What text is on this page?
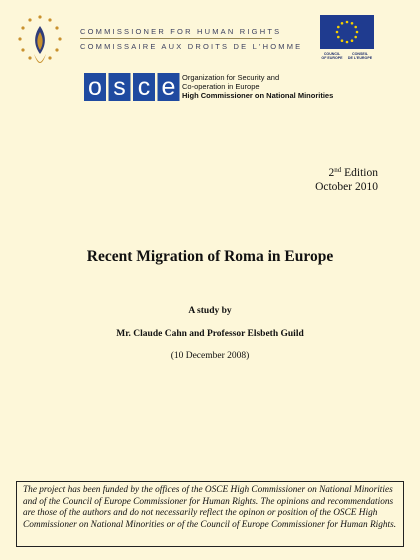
COMMISSIONER FOR HUMAN RIGHTS
COMMISSAIRE AUX DROITS DE L'HOMME
COUNCIL
OF EUROPE
CONSEIL
DE L'EUROPE
o s c e Organization for Security and
Co-operation in Europe
High Commissioner on National Minorities
2nd Edition
October 2010
Recent Migration of Roma in Europe
A study by
Mr. Claude Cahn and Professor Elsbeth Guild
(10 December 2008)
The project has been funded by the offices of the OSCE High Commissioner on National Minorities and of the Council of Europe Commissioner for Human Rights. The opinions and recommendations are those of the authors and do not necessarily reflect the opinon or position of the OSCE High Commissioner on National Minorities or of the Council of Europe Commissioner for Human Rights.
